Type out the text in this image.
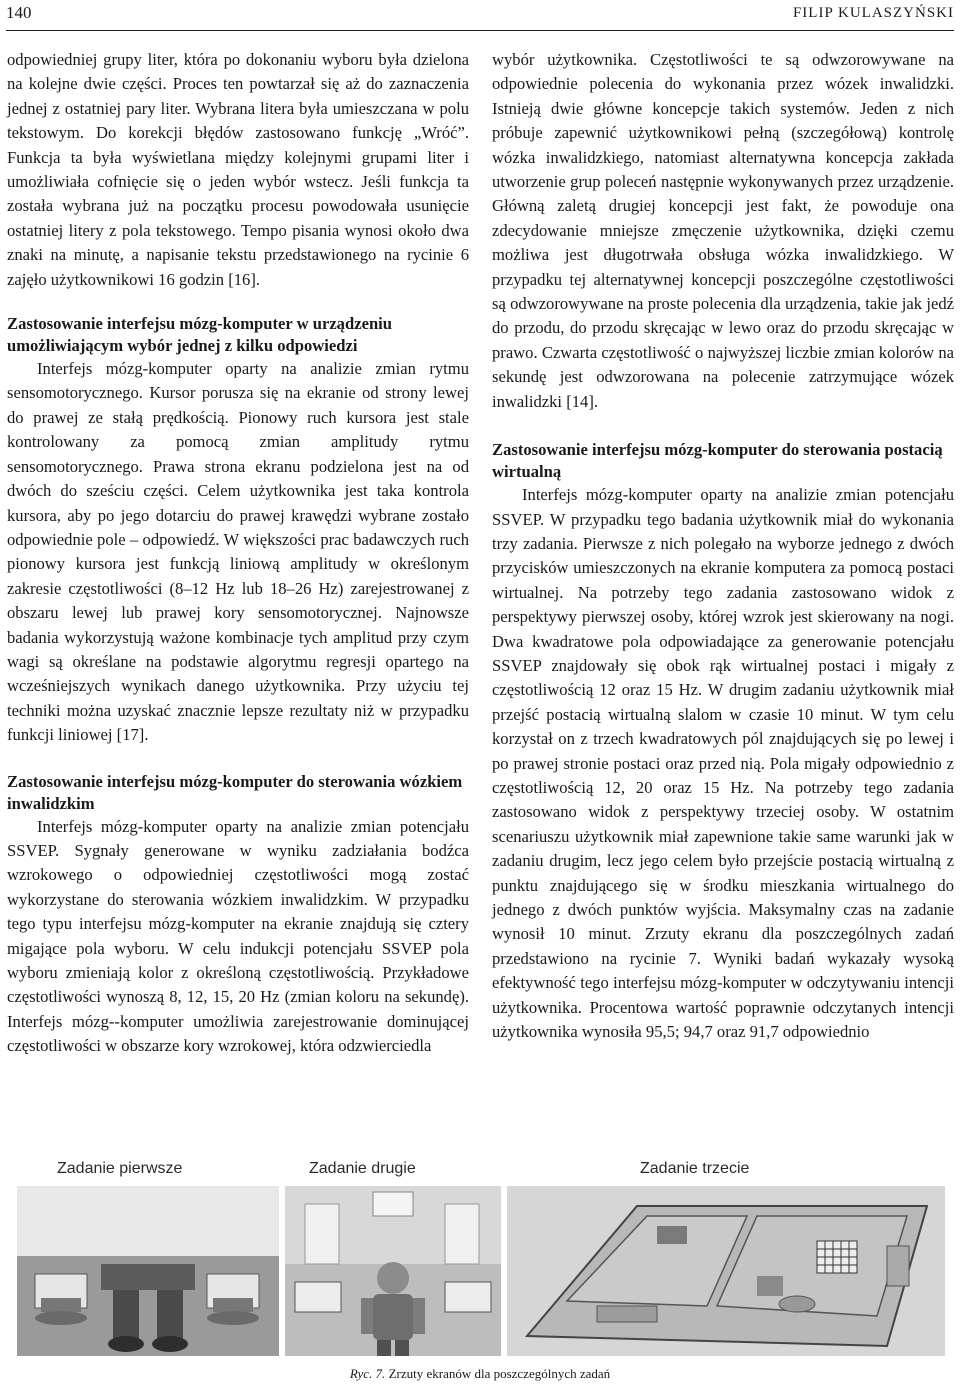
140	FILIP KULASZYŃSKI

odpowiedniej grupy liter, która po dokonaniu wyboru była dzielona na kolejne dwie części. Proces ten powtarzał się aż do zaznaczenia jednej z ostatniej pary liter. Wybrana litera była umieszczana w polu tekstowym. Do korekcji błędów zastosowano funkcję „Wróć”. Funkcja ta była wyświetlana między kolejnymi grupami liter i umożliwiała cofnięcie się o jeden wybór wstecz. Jeśli funkcja ta została wybrana już na początku procesu powodowała usunięcie ostatniej litery z pola tekstowego. Tempo pisania wynosi około dwa znaki na minutę, a napisanie tekstu przedstawionego na rycinie 6 zajęło użytkownikowi 16 godzin [16].

Zastosowanie interfejsu mózg-komputer w urządzeniu umożliwiającym wybór jednej z kilku odpowiedzi

Interfejs mózg-komputer oparty na analizie zmian rytmu sensomotorycznego. Kursor porusza się na ekranie od strony lewej do prawej ze stałą prędkością. Pionowy ruch kursora jest stale kontrolowany za pomocą zmian amplitudy rytmu sensomotorycznego. Prawa strona ekranu podzielona jest na od dwóch do sześciu części. Celem użytkownika jest taka kontrola kursora, aby po jego dotarciu do prawej krawędzi wybrane zostało odpowiednie pole – odpowiedź. W większości prac badawczych ruch pionowy kursora jest funkcją liniową amplitudy w określonym zakresie częstotliwości (8–12 Hz lub 18–26 Hz) zarejestrowanej z obszaru lewej lub prawej kory sensomotorycznej. Najnowsze badania wykorzystują ważone kombinacje tych amplitud przy czym wagi są określane na podstawie algorytmu regresji opartego na wcześniejszych wynikach danego użytkownika. Przy użyciu tej techniki można uzyskać znacznie lepsze rezultaty niż w przypadku funkcji liniowej [17].

Zastosowanie interfejsu mózg-komputer do sterowania wózkiem inwalidzkim

Interfejs mózg-komputer oparty na analizie zmian potencjału SSVEP. Sygnały generowane w wyniku zadziałania bodźca wzrokowego o odpowiedniej częstotliwości mogą zostać wykorzystane do sterowania wózkiem inwalidzkim. W przypadku tego typu interfejsu mózg-komputer na ekranie znajdują się cztery migające pola wyboru. W celu indukcji potencjału SSVEP pola wyboru zmieniają kolor z określoną częstotliwością. Przykładowe częstotliwości wynoszą 8, 12, 15, 20 Hz (zmian koloru na sekundę). Interfejs mózg--komputer umożliwia zarejestrowanie dominującej częstotliwości w obszarze kory wzrokowej, która odzwierciedla

wybór użytkownika. Częstotliwości te są odwzorowywane na odpowiednie polecenia do wykonania przez wózek inwalidzki. Istnieją dwie główne koncepcje takich systemów. Jeden z nich próbuje zapewnić użytkownikowi pełną (szczegółową) kontrolę wózka inwalidzkiego, natomiast alternatywna koncepcja zakłada utworzenie grup poleceń następnie wykonywanych przez urządzenie. Główną zaletą drugiej koncepcji jest fakt, że powoduje ona zdecydowanie mniejsze zmęczenie użytkownika, dzięki czemu możliwa jest długotrwała obsługa wózka inwalidzkiego. W przypadku tej alternatywnej koncepcji poszczególne częstotliwości są odwzorowywane na proste polecenia dla urządzenia, takie jak jedź do przodu, do przodu skręcając w lewo oraz do przodu skręcając w prawo. Czwarta częstotliwość o najwyższej liczbie zmian kolorów na sekundę jest odwzorowana na polecenie zatrzymujące wózek inwalidzki [14].

Zastosowanie interfejsu mózg-komputer do sterowania postacią wirtualną

Interfejs mózg-komputer oparty na analizie zmian potencjału SSVEP. W przypadku tego badania użytkownik miał do wykonania trzy zadania. Pierwsze z nich polegało na wyborze jednego z dwóch przycisków umieszczonych na ekranie komputera za pomocą postaci wirtualnej. Na potrzeby tego zadania zastosowano widok z perspektywy pierwszej osoby, której wzrok jest skierowany na nogi. Dwa kwadratowe pola odpowiadające za generowanie potencjału SSVEP znajdowały się obok rąk wirtualnej postaci i migały z częstotliwością 12 oraz 15 Hz. W drugim zadaniu użytkownik miał przejść postacią wirtualną slalom w czasie 10 minut. W tym celu korzystał on z trzech kwadratowych pól znajdujących się po lewej i po prawej stronie postaci oraz przed nią. Pola migały odpowiednio z częstotliwością 12, 20 oraz 15 Hz. Na potrzeby tego zadania zastosowano widok z perspektywy trzeciej osoby. W ostatnim scenariuszu użytkownik miał zapewnione takie same warunki jak w zadaniu drugim, lecz jego celem było przejście postacią wirtualną z punktu znajdującego się w środku mieszkania wirtualnego do jednego z dwóch punktów wyjścia. Maksymalny czas na zadanie wynosił 10 minut. Zrzuty ekranu dla poszczególnych zadań przedstawiono na rycinie 7. Wyniki badań wykazały wysoką efektywność tego interfejsu mózg-komputer w odczytywaniu intencji użytkownika. Procentowa wartość poprawnie odczytanych intencji użytkownika wynosiła 95,5; 94,7 oraz 91,7 odpowiednio

Zadanie pierwsze	Zadanie drugie	Zadanie trzecie
Ryc. 7. Zrzuty ekranów dla poszczególnych zadań
